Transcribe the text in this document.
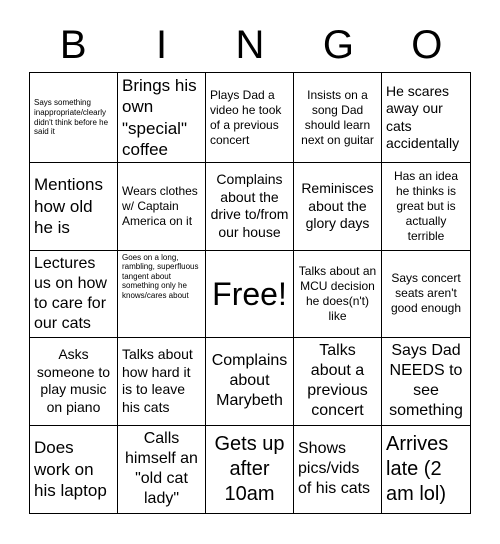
B	I	N	G	O
Says something inappropriate/clearly didn't think before he said it
Brings his own "special" coffee
Plays Dad a video he took of a previous concert
Insists on a song Dad should learn next on guitar
He scares away our cats accidentally
Mentions how old he is
Wears clothes w/ Captain America on it
Complains about the drive to/from our house
Reminisces about the glory days
Has an idea he thinks is great but is actually terrible
Lectures us on how to care for our cats
Goes on a long, rambling, superfluous tangent about something only he knows/cares about Free!
Talks about an MCU decision he does(n't) like
Says concert seats aren't good enough
Asks someone to play music on piano
Talks about how hard it is to leave his cats
Complains about Marybeth
Talks about a previous concert
Says Dad NEEDS to see something
Does work on his laptop
Calls himself an "old cat lady"
Gets up after 10am
Shows pics/vids of his cats
Arrives late (2 am lol)
